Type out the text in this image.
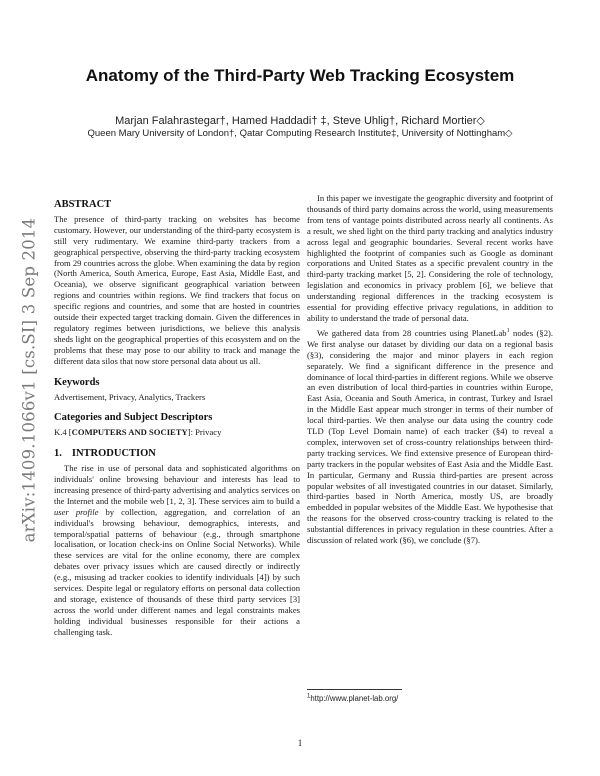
arXiv:1409.1066v1 [cs.SI] 3 Sep 2014
Anatomy of the Third-Party Web Tracking Ecosystem
Marjan Falahrastegar†, Hamed Haddadi† ‡, Steve Uhlig†, Richard Mortier◇
Queen Mary University of London†, Qatar Computing Research Institute‡, University of Nottingham◇
ABSTRACT

The presence of third-party tracking on websites has become customary. However, our understanding of the third-party ecosystem is still very rudimentary. We examine third-party trackers from a geographical perspective, observing the third-party tracking ecosystem from 29 countries across the globe. When examining the data by region (North America, South America, Europe, East Asia, Middle East, and Oceania), we observe significant geographical variation between regions and countries within regions. We find trackers that focus on specific regions and countries, and some that are hosted in countries outside their expected target tracking domain. Given the differences in regulatory regimes between jurisdictions, we believe this analysis sheds light on the geographical properties of this ecosystem and on the problems that these may pose to our ability to track and manage the different data silos that now store personal data about us all.

Keywords

Advertisement, Privacy, Analytics, Trackers

Categories and Subject Descriptors

K.4 [COMPUTERS AND SOCIETY]: Privacy

1. INTRODUCTION

The rise in use of personal data and sophisticated algorithms on individuals' online browsing behaviour and interests has lead to increasing presence of third-party advertising and analytics services on the Internet and the mobile web [1, 2, 3]. These services aim to build a user profile by collection, aggregation, and correlation of an individual's browsing behaviour, demographics, interests, and temporal/spatial patterns of behaviour (e.g., through smartphone localisation, or location check-ins on Online Social Networks). While these services are vital for the online economy, there are complex debates over privacy issues which are caused directly or indirectly (e.g., misusing ad tracker cookies to identify individuals [4]) by such services. Despite legal or regulatory efforts on personal data collection and storage, existence of thousands of these third party services [3] across the world under different names and legal constraints makes holding individual businesses responsible for their actions a challenging task.

In this paper we investigate the geographic diversity and footprint of thousands of third party domains across the world, using measurements from tens of vantage points distributed across nearly all continents. As a result, we shed light on the third party tracking and analytics industry across legal and geographic boundaries. Several recent works have highlighted the footprint of companies such as Google as dominant corporations and United States as a specific prevalent country in the third-party tracking market [5, 2]. Considering the role of technology, legislation and economics in privacy problem [6], we believe that understanding regional differences in the tracking ecosystem is essential for providing effective privacy regulations, in addition to ability to understand the trade of personal data.

We gathered data from 28 countries using PlanetLab$^1$ nodes (§2). We first analyse our dataset by dividing our data on a regional basis (§3), considering the major and minor players in each region separately. We find a significant difference in the presence and dominance of local third-parties in different regions. While we observe an even distribution of local third-parties in countries within Europe, East Asia, Oceania and South America, in contrast, Turkey and Israel in the Middle East appear much stronger in terms of their number of local third-parties. We then analyse our data using the country code TLD (Top Level Domain name) of each tracker (§4) to reveal a complex, interwoven set of cross-country relationships between third-party tracking services. We find extensive presence of European third-party trackers in the popular websites of East Asia and the Middle East. In particular, Germany and Russia third-parties are present across popular websites of all investigated countries in our dataset. Similarly, third-parties based in North America, mostly US, are broadly embedded in popular websites of the Middle East. We hypothesise that the reasons for the observed cross-country tracking is related to the substantial differences in privacy regulation in these countries. After a discussion of related work (§6), we conclude (§7).

$^1$http://www.planet-lab.org/
1
